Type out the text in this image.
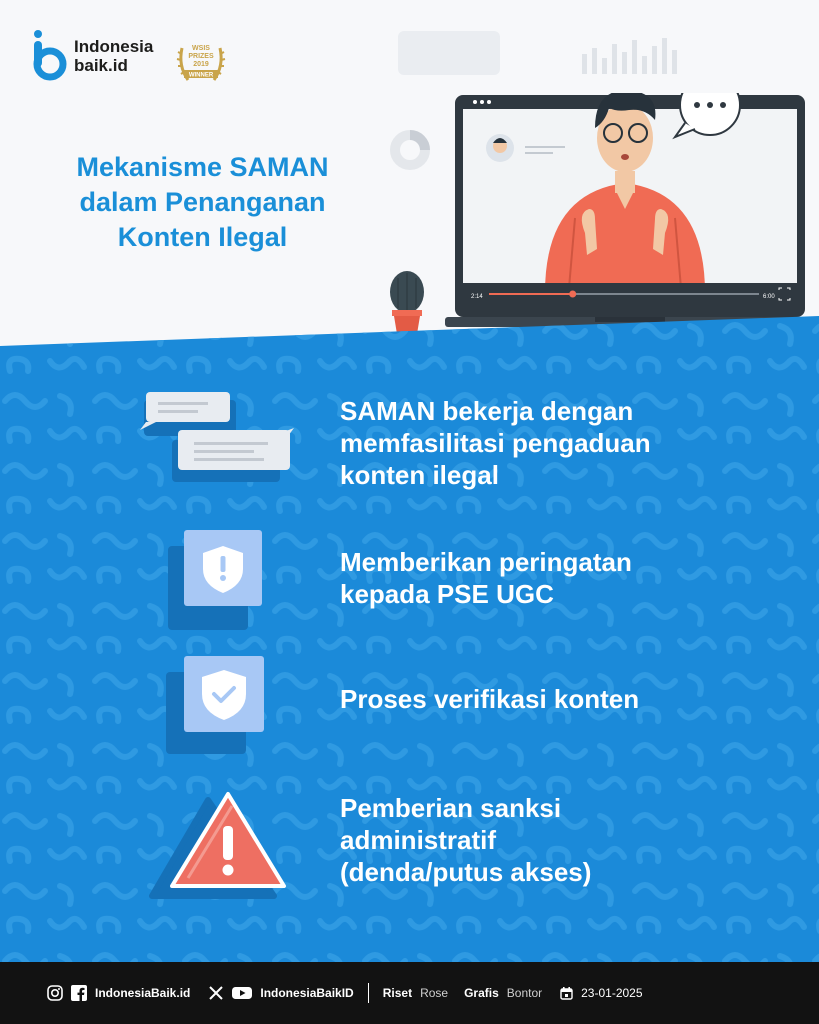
Indonesia
baik.id
WSIS
PRIZES
2019
WINNER
Mekanisme SAMAN
dalam Penanganan
Konten Ilegal
2:14	6:00
SAMAN bekerja dengan
memfasilitasi pengaduan
konten ilegal
Memberikan peringatan
kepada PSE UGC
Proses verifikasi konten
Pemberian sanksi
administratif
(denda/putus akses)
IndonesiaBaik.id	IndonesiaBaikID Riset Rose Grafis Bontor	23-01-2025
